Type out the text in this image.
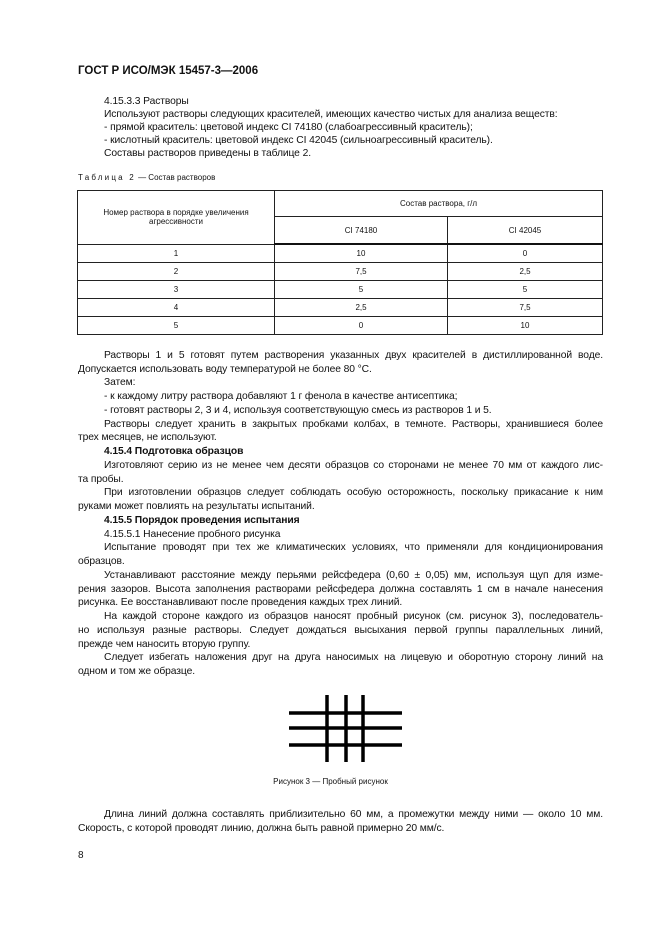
ГОСТ Р ИСО/МЭК 15457-3—2006
4.15.3.3 Растворы
Используют растворы следующих красителей, имеющих качество чистых для анализа веществ:
- прямой краситель: цветовой индекс CI 74180 (слабоагрессивный краситель);
- кислотный краситель: цветовой индекс CI 42045 (сильноагрессивный краситель).
Составы растворов приведены в таблице 2.
Таблица 2 — Состав растворов
Номер раствора в порядке увеличения агрессивности	Состав раствора, г/л	
	CI 74180	CI 42045
1	10	0
2	7,5	2,5
3	5	5
4	2,5	7,5
5	0	10
Растворы 1 и 5 готовят путем растворения указанных двух красителей в дистиллированной воде.
Допускается использовать воду температурой не более 80 °С.
Затем:
- к каждому литру раствора добавляют 1 г фенола в качестве антисептика;
- готовят растворы 2, 3 и 4, используя соответствующую смесь из растворов 1 и 5.
Растворы следует хранить в закрытых пробками колбах, в темноте. Растворы, хранившиеся более
трех месяцев, не используют.
4.15.4 Подготовка образцов
Изготовляют серию из не менее чем десяти образцов со сторонами не менее 70 мм от каждого лис-
та пробы.
При изготовлении образцов следует соблюдать особую осторожность, поскольку прикасание к ним
руками может повлиять на результаты испытаний.
4.15.5 Порядок проведения испытания
4.15.5.1 Нанесение пробного рисунка
Испытание проводят при тех же климатических условиях, что применяли для кондиционирования
образцов.
Устанавливают расстояние между перьями рейсфедера (0,60 ± 0,05) мм, используя щуп для изме-
рения зазоров. Высота заполнения растворами рейсфедера должна составлять 1 см в начале нанесения
рисунка. Ее восстанавливают после проведения каждых трех линий.
На каждой стороне каждого из образцов наносят пробный рисунок (см. рисунок 3), последователь-
но используя разные растворы. Следует дождаться высыхания первой группы параллельных линий,
прежде чем наносить вторую группу.
Следует избегать наложения друг на друга наносимых на лицевую и оборотную сторону линий на
одном и том же образце.
Рисунок 3 — Пробный рисунок
Длина линий должна составлять приблизительно 60 мм, а промежутки между ними — около 10 мм.
Скорость, с которой проводят линию, должна быть равной примерно 20 мм/с.
8
